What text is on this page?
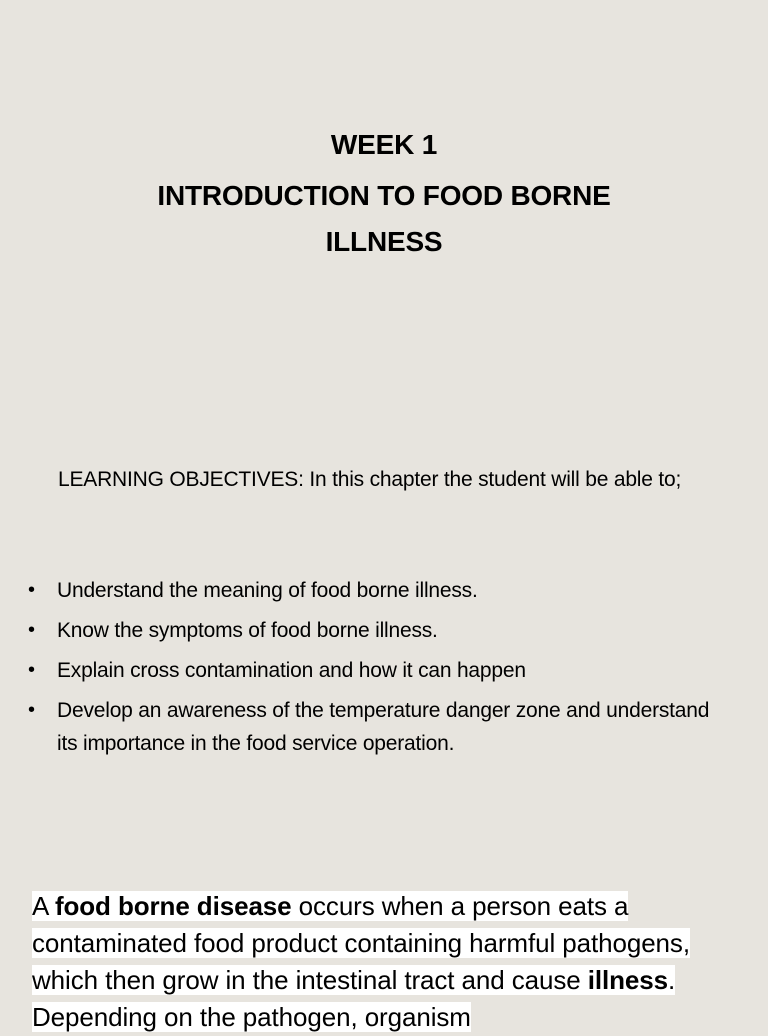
WEEK 1
INTRODUCTION TO FOOD BORNE
ILLNESS
LEARNING OBJECTIVES: In this chapter the student will be able to;
• Understand the meaning of food borne illness.
• Know the symptoms of food borne illness.
• Explain cross contamination and how it can happen
• Develop an awareness of the temperature danger zone and understand its importance in the food service operation.
A food borne disease occurs when a person eats a contaminated food product containing harmful pathogens, which then grow in the intestinal tract and cause illness. Depending on the pathogen, organism
